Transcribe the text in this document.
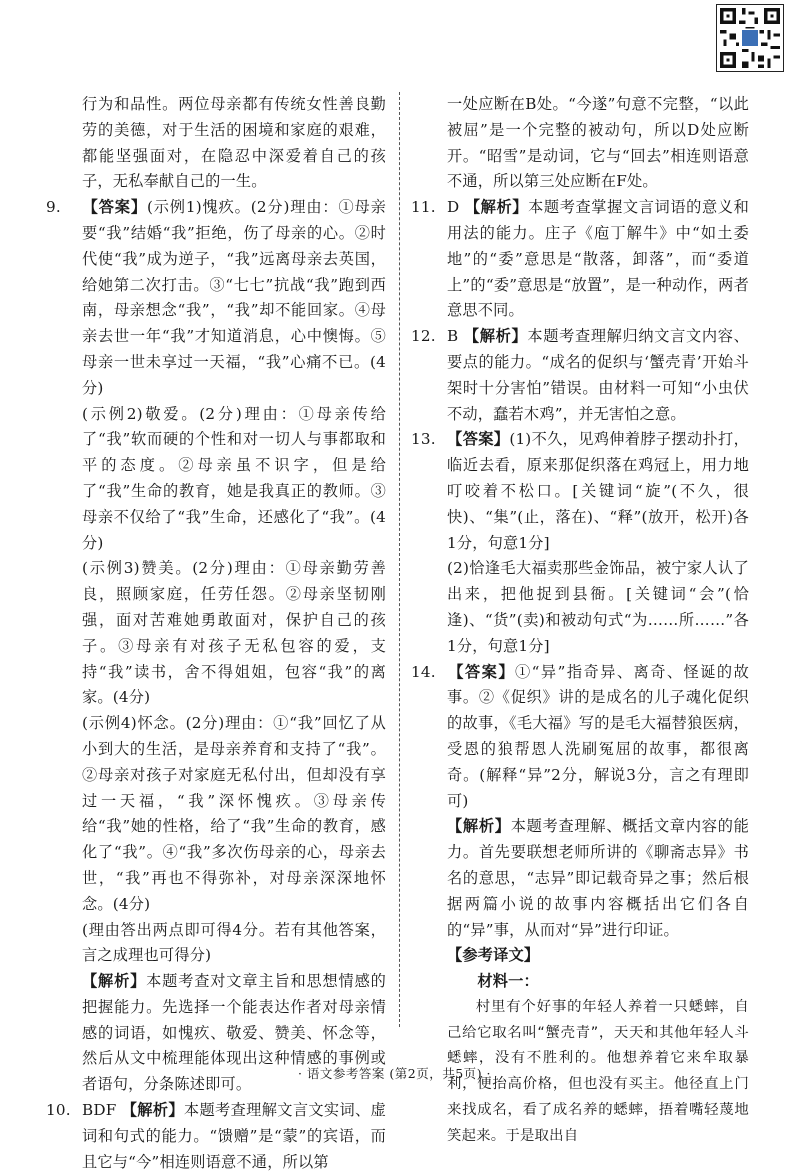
行为和品性。两位母亲都有传统女性善良勤劳的美德，对于生活的困境和家庭的艰难，都能坚强面对，在隐忍中深爱着自己的孩子，无私奉献自己的一生。

9. 【答案】(示例1)愧疚。(2分)理由：①母亲要“我”结婚“我”拒绝，伤了母亲的心。②时代使“我”成为逆子，“我”远离母亲去英国，给她第二次打击。③“七七”抗战“我”跑到西南，母亲想念“我”，“我”却不能回家。④母亲去世一年“我”才知道消息，心中懊悔。⑤母亲一世未享过一天福，“我”心痛不已。(4分)

(示例2)敬爱。(2分)理由：①母亲传给了“我”软而硬的个性和对一切人与事都取和平的态度。②母亲虽不识字，但是给了“我”生命的教育，她是我真正的教师。③母亲不仅给了“我”生命，还感化了“我”。(4分)

(示例3)赞美。(2分)理由：①母亲勤劳善良，照顾家庭，任劳任怨。②母亲坚韧刚强，面对苦难她勇敢面对，保护自己的孩子。③母亲有对孩子无私包容的爱，支持“我”读书，舍不得姐姐，包容“我”的离家。(4分)

(示例4)怀念。(2分)理由：①“我”回忆了从小到大的生活，是母亲养育和支持了“我”。②母亲对孩子对家庭无私付出，但却没有享过一天福，“我”深怀愧疚。③母亲传给“我”她的性格，给了“我”生命的教育，感化了“我”。④“我”多次伤母亲的心，母亲去世，“我”再也不得弥补，对母亲深深地怀念。(4分)

(理由答出两点即可得4分。若有其他答案，言之成理也可得分)

【解析】本题考查对文章主旨和思想情感的把握能力。先选择一个能表达作者对母亲情感的词语，如愧疚、敬爱、赞美、怀念等，然后从文中梳理能体现出这种情感的事例或者语句，分条陈述即可。

10. BDF 【解析】本题考查理解文言文实词、虚词和句式的能力。“馈赠”是“蒙”的宾语，而且它与“今”相连则语意不通，所以第

一处应断在B处。“今遂”句意不完整，“以此被屈”是一个完整的被动句，所以D处应断开。“昭雪”是动词，它与“回去”相连则语意不通，所以第三处应断在F处。

11. D 【解析】本题考查掌握文言词语的意义和用法的能力。庄子《庖丁解牛》中“如土委地”的“委”意思是“散落，卸落”，而“委道上”的“委”意思是“放置”，是一种动作，两者意思不同。

12. B 【解析】本题考查理解归纳文言文内容、要点的能力。“成名的促织与‘蟹壳青’开始斗架时十分害怕”错误。由材料一可知“小虫伏不动，蠢若木鸡”，并无害怕之意。

13. 【答案】(1)不久，见鸡伸着脖子摆动扑打，临近去看，原来那促织落在鸡冠上，用力地叮咬着不松口。[关键词“旋”(不久，很快)、“集”(止，落在)、“释”(放开，松开)各1分，句意1分]

(2)恰逢毛大福卖那些金饰品，被宁家人认了出来，把他捉到县衙。[关键词“会”(恰逢)、“货”(卖)和被动句式“为……所……”各1分，句意1分]

14. 【答案】①“异”指奇异、离奇、怪诞的故事。②《促织》讲的是成名的儿子魂化促织的故事，《毛大福》写的是毛大福替狼医病，受恩的狼帮恩人洗刷冤屈的故事，都很离奇。(解释“异”2分，解说3分，言之有理即可)

【解析】本题考查理解、概括文章内容的能力。首先要联想老师所讲的《聊斋志异》书名的意思，“志异”即记载奇异之事；然后根据两篇小说的故事内容概括出它们各自的“异”事，从而对“异”进行印证。

【参考译文】

材料一：

村里有个好事的年轻人养着一只蟋蟀，自己给它取名叫“蟹壳青”，天天和其他年轻人斗蟋蟀，没有不胜利的。他想养着它来牟取暴利，便抬高价格，但也没有买主。他径直上门来找成名，看了成名养的蟋蟀，捂着嘴轻蔑地笑起来。于是取出自

· 语文参考答案 (第2页，共5页) ·
